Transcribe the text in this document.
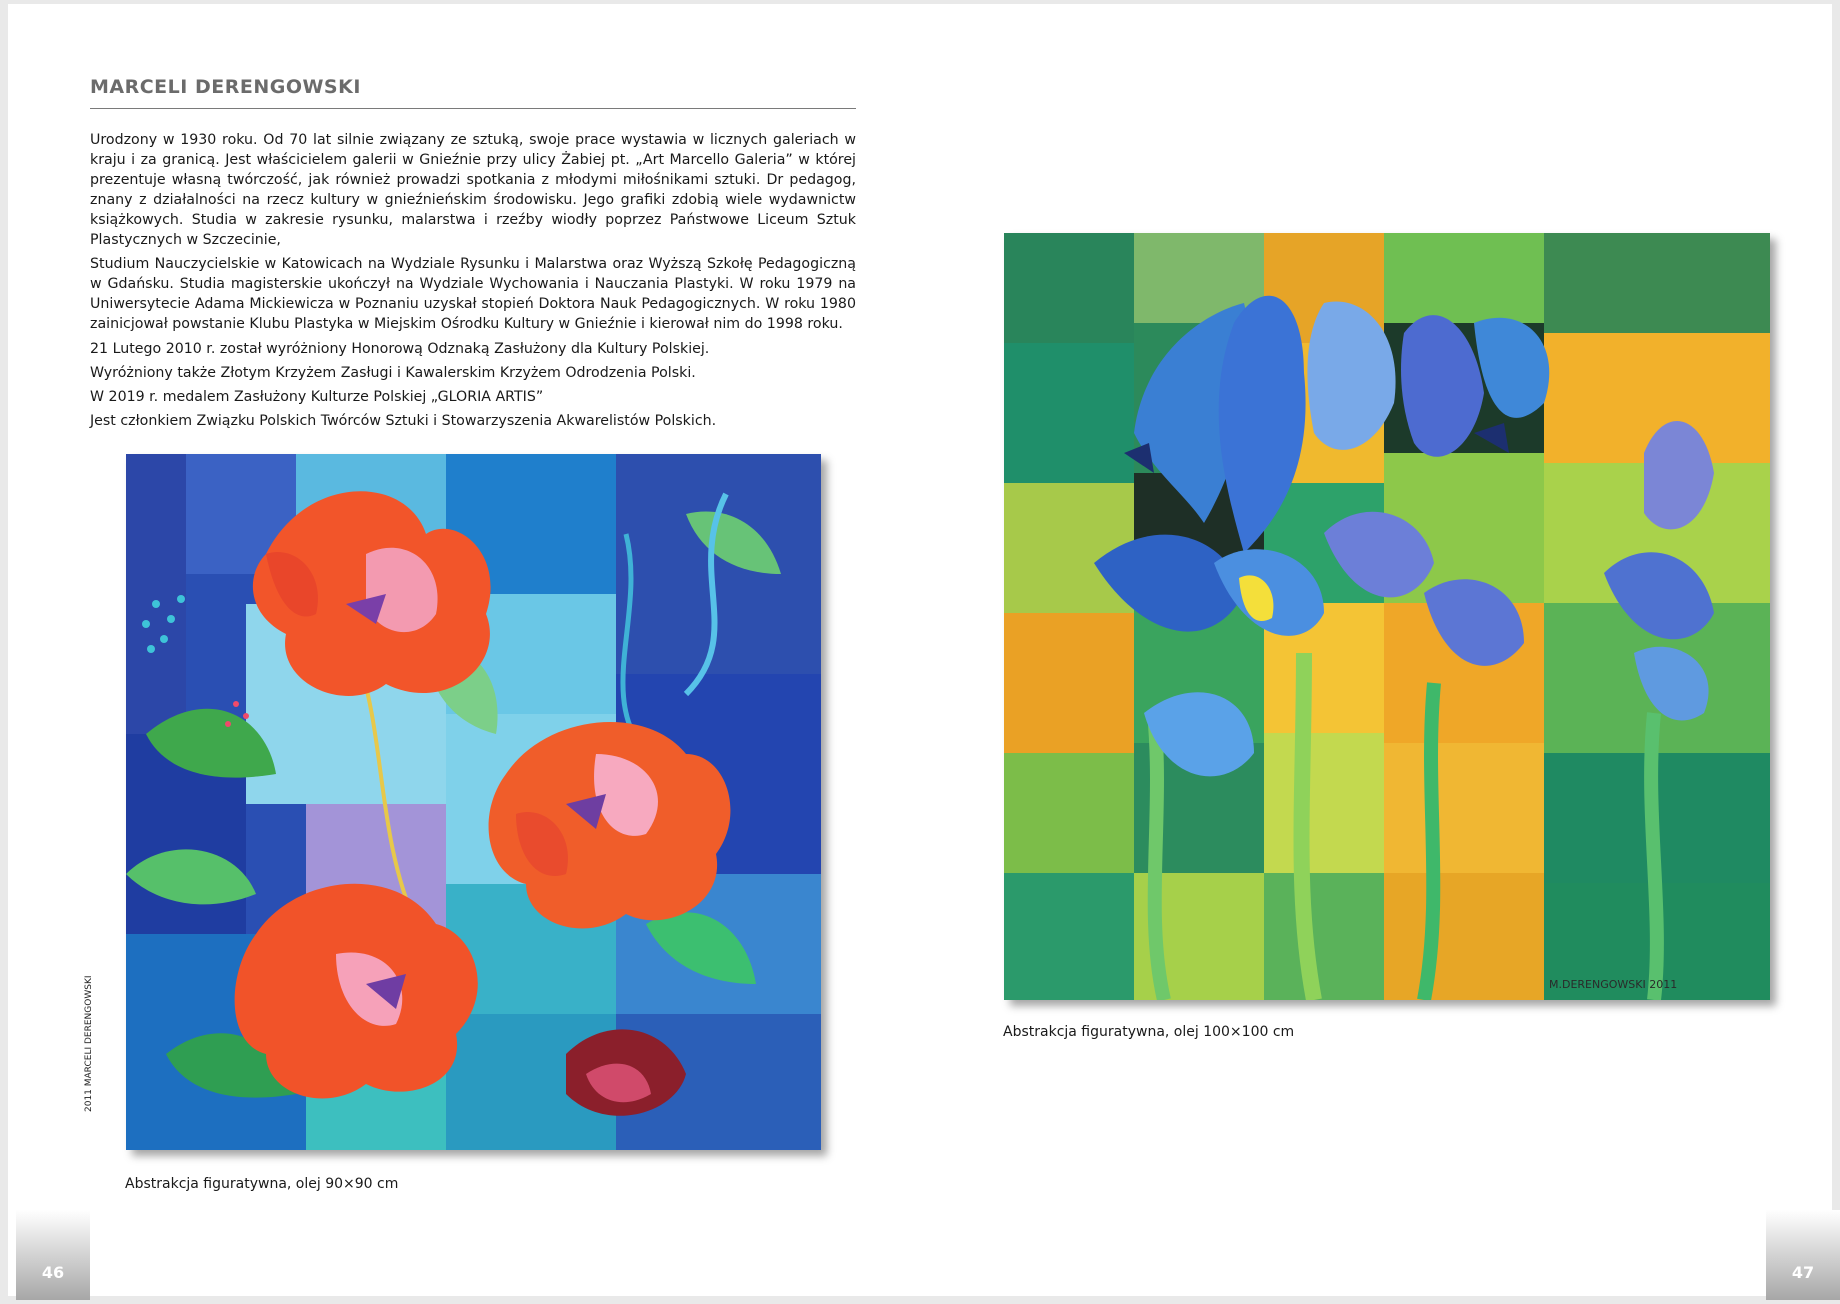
MARCELI DERENGOWSKI

Urodzony w 1930 roku. Od 70 lat silnie związany ze sztuką, swoje prace wystawia w licznych galeriach w kraju i za granicą. Jest właścicielem galerii w Gnieźnie przy ulicy Żabiej pt. „Art Marcello Galeria” w której prezentuje własną twórczość, jak również prowadzi spotkania z młodymi miłośnikami sztuki. Dr pedagog, znany z działalności na rzecz kultury w gnieźnieńskim środowisku. Jego grafiki zdobią wiele wydawnictw książkowych. Studia w zakresie rysunku, malarstwa i rzeźby wiodły poprzez Państwowe Liceum Sztuk Plastycznych w Szczecinie,

Studium Nauczycielskie w Katowicach na Wydziale Rysunku i Malarstwa oraz Wyższą Szkołę Pedagogiczną w Gdańsku. Studia magisterskie ukończył na Wydziale Wychowania i Nauczania Plastyki. W roku 1979 na Uniwersytecie Adama Mickiewicza w Poznaniu uzyskał stopień Doktora Nauk Pedagogicznych. W roku 1980 zainicjował powstanie Klubu Plastyka w Miejskim Ośrodku Kultury w Gnieźnie i kierował nim do 1998 roku.

21 Lutego 2010 r. został wyróżniony Honorową Odznaką Zasłużony dla Kultury Polskiej.

Wyróżniony także Złotym Krzyżem Zasługi i Kawalerskim Krzyżem Odrodzenia Polski.

W 2019 r. medalem Zasłużony Kulturze Polskiej „GLORIA ARTIS”

Jest członkiem Związku Polskich Twórców Sztuki i Stowarzyszenia Akwarelistów Polskich.

Abstrakcja figuratywna, olej 90×90 cm
M.DERENGOWSKI 2011
Abstrakcja figuratywna, olej 100×100 cm
46	47
2011 MARCELI DERENGOWSKI
